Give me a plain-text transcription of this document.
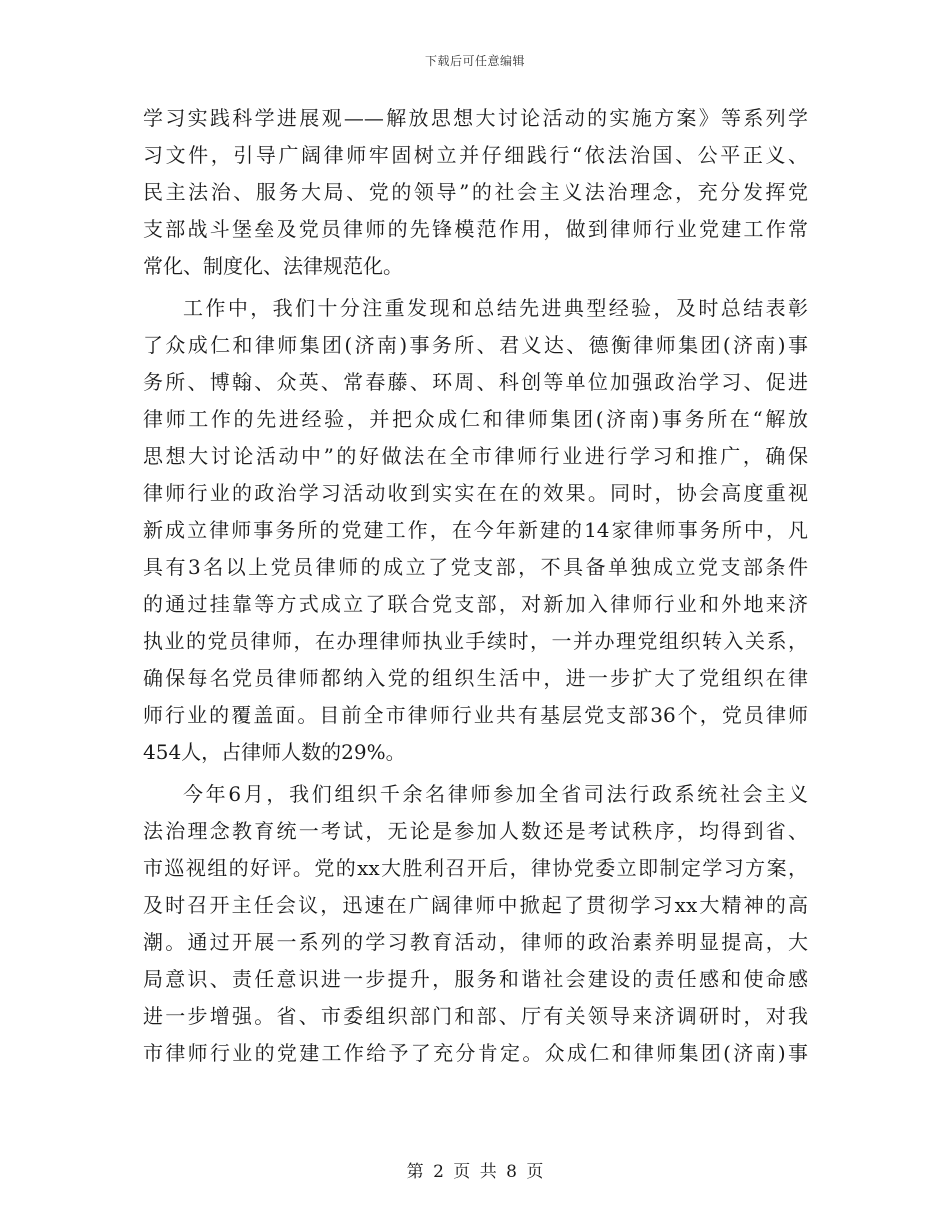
下载后可任意编辑
学习实践科学进展观——解放思想大讨论活动的实施方案》等系列学
习文件，引导广阔律师牢固树立并仔细践行“依法治国、公平正义、
民主法治、服务大局、党的领导”的社会主义法治理念，充分发挥党
支部战斗堡垒及党员律师的先锋模范作用，做到律师行业党建工作常
常化、制度化、法律规范化。
工作中，我们十分注重发现和总结先进典型经验，及时总结表彰
了众成仁和律师集团(济南)事务所、君义达、德衡律师集团(济南)事
务所、博翰、众英、常春藤、环周、科创等单位加强政治学习、促进
律师工作的先进经验，并把众成仁和律师集团(济南)事务所在“解放
思想大讨论活动中”的好做法在全市律师行业进行学习和推广，确保
律师行业的政治学习活动收到实实在在的效果。同时，协会高度重视
新成立律师事务所的党建工作，在今年新建的14家律师事务所中，凡
具有3名以上党员律师的成立了党支部，不具备单独成立党支部条件
的通过挂靠等方式成立了联合党支部，对新加入律师行业和外地来济
执业的党员律师，在办理律师执业手续时，一并办理党组织转入关系，
确保每名党员律师都纳入党的组织生活中，进一步扩大了党组织在律
师行业的覆盖面。目前全市律师行业共有基层党支部36个，党员律师
454人，占律师人数的29%。
今年6月，我们组织千余名律师参加全省司法行政系统社会主义
法治理念教育统一考试，无论是参加人数还是考试秩序，均得到省、
市巡视组的好评。党的xx大胜利召开后，律协党委立即制定学习方案，
及时召开主任会议，迅速在广阔律师中掀起了贯彻学习xx大精神的高
潮。通过开展一系列的学习教育活动，律师的政治素养明显提高，大
局意识、责任意识进一步提升，服务和谐社会建设的责任感和使命感
进一步增强。省、市委组织部门和部、厅有关领导来济调研时，对我
市律师行业的党建工作给予了充分肯定。众成仁和律师集团(济南)事
第 2 页 共 8 页
